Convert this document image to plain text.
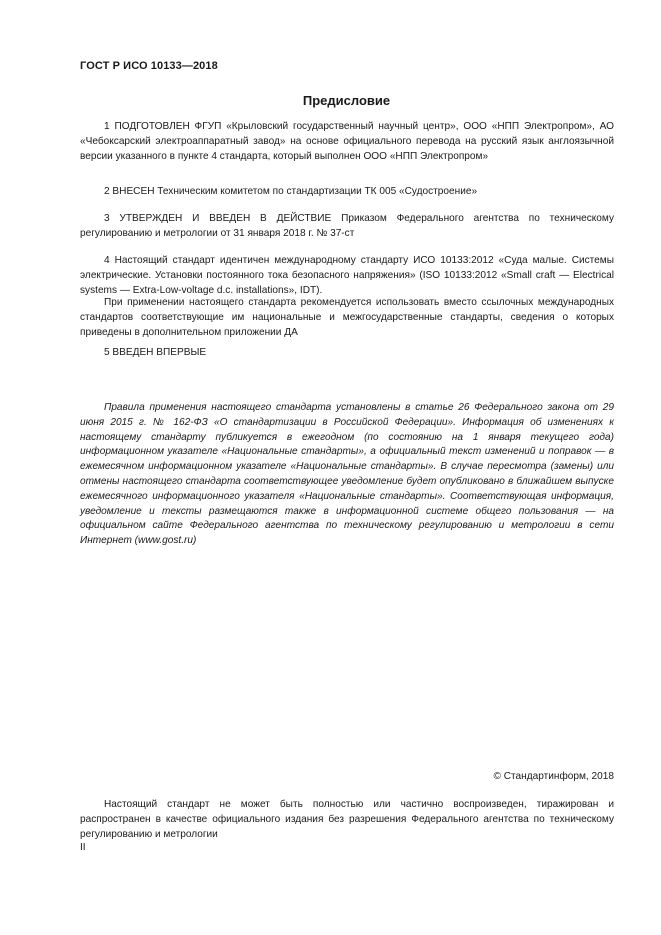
ГОСТ Р ИСО 10133—2018
Предисловие

1 ПОДГОТОВЛЕН ФГУП «Крыловский государственный научный центр», ООО «НПП Электропром», АО «Чебоксарский электроаппаратный завод» на основе официального перевода на русский язык англоязычной версии указанного в пункте 4 стандарта, который выполнен ООО «НПП Электропром»

2 ВНЕСЕН Техническим комитетом по стандартизации ТК 005 «Судостроение»

3 УТВЕРЖДЕН И ВВЕДЕН В ДЕЙСТВИЕ Приказом Федерального агентства по техническому регулированию и метрологии от 31 января 2018 г. № 37-ст

4 Настоящий стандарт идентичен международному стандарту ИСО 10133:2012 «Суда малые. Системы электрические. Установки постоянного тока безопасного напряжения» (ISO 10133:2012 «Small craft — Electrical systems — Extra-Low-voltage d.c. installations», IDT).

При применении настоящего стандарта рекомендуется использовать вместо ссылочных международных стандартов соответствующие им национальные и межгосударственные стандарты, сведения о которых приведены в дополнительном приложении ДА

5 ВВЕДЕН ВПЕРВЫЕ

Правила применения настоящего стандарта установлены в статье 26 Федерального закона от 29 июня 2015 г. № 162-ФЗ «О стандартизации в Российской Федерации». Информация об изменениях к настоящему стандарту публикуется в ежегодном (по состоянию на 1 января текущего года) информационном указателе «Национальные стандарты», а официальный текст изменений и поправок — в ежемесячном информационном указателе «Национальные стандарты». В случае пересмотра (замены) или отмены настоящего стандарта соответствующее уведомление будет опубликовано в ближайшем выпуске ежемесячного информационного указателя «Национальные стандарты». Соответствующая информация, уведомление и тексты размещаются также в информационной системе общего пользования — на официальном сайте Федерального агентства по техническому регулированию и метрологии в сети Интернет (www.gost.ru)

© Стандартинформ, 2018

Настоящий стандарт не может быть полностью или частично воспроизведен, тиражирован и распространен в качестве официального издания без разрешения Федерального агентства по техническому регулированию и метрологии

II
